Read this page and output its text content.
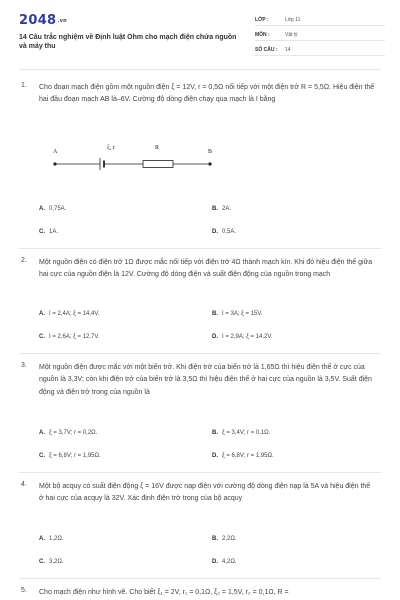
2048.vn
14 Câu trắc nghiệm về Định luật Ohm cho mạch điện chứa nguồn và máy thu
LỚP :	Lớp 11
MÔN :	Vật lý
SỐ CÂU : 14
1. Cho đoạn mạch điện gồm một nguồn điện ξ = 12V, r = 0,5Ω nối tiếp với một điện trở R = 5,5Ω. Hiệu điện thế hai đầu đoạn mạch AB là–6V. Cường độ dòng điện chạy qua mạch là I bằng
A
ξ, r	R
B
A. 0,75A.	B. 2A.
C. 1A.	D. 0,5A.
2. Một nguồn điện có điện trở 1Ω được mắc nối tiếp với điện trở 4Ω thành mạch kín. Khi đó hiệu điện thế giữa hai cực của nguồn điện là 12V. Cường độ dòng điện và suất điện động của nguồn trong mạch
A. I = 2,4A; ξ = 14,4V.	B. I = 3A; ξ = 15V.
C. I = 2,6A; ξ = 12,7V.	D. I = 2,9A; ξ = 14,2V.
3. Một nguồn điện được mắc với một biến trở. Khi điện trở của biến trở là 1,65Ω thì hiệu điện thế ở cực của nguồn là 3,3V; còn khi điện trở của biến trở là 3,5Ω thì hiệu điện thế ở hai cực của nguồn là 3,5V. Suất điện động và điện trở trong của nguồn là
A. ξ = 3,7V; r = 0,2Ω.	B. ξ = 3,4V; r = 0,1Ω.
C. ξ = 6,8V; r = 1,95Ω.	D. ξ = 6,8V; r = 1,95Ω.
4. Một bộ acquy có suất điện động ξ = 16V được nạp điện với cường độ dòng điện nạp là 5A và hiệu điện thế ở hai cực của acquy là 32V. Xác định điện trở trong của bộ acquy
A. 1,2Ω.	B. 2,2Ω.
C. 3,2Ω.	D. 4,2Ω.
5. Cho mạch điện như hình vẽ. Cho biết ξ₁ = 2V, r₁ = 0,1Ω, ξ₂ = 1,5V, r₂ = 0,1Ω, R =
